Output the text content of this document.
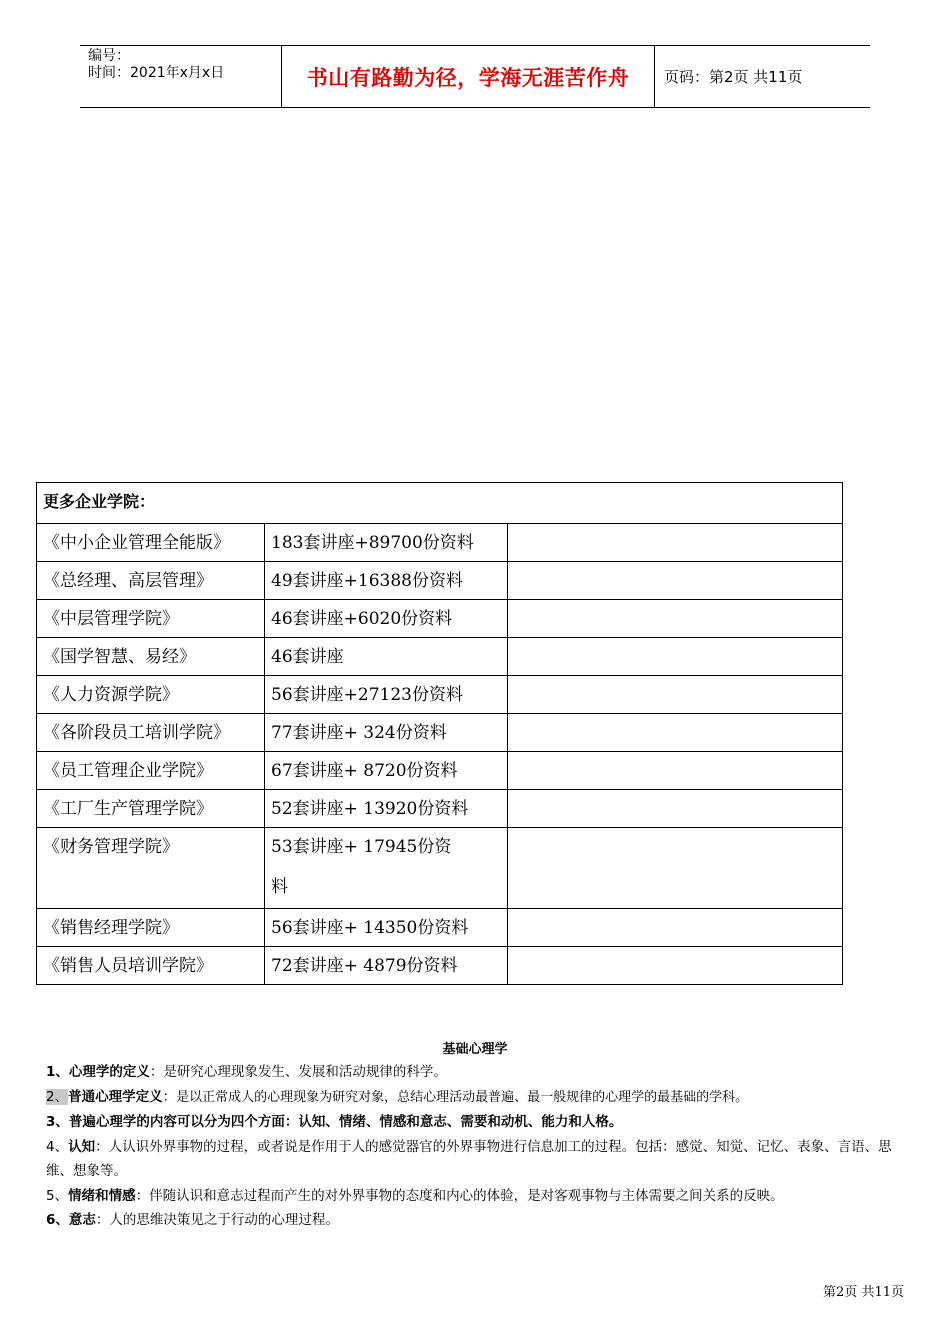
编号：
时间：2021年x月x日	书山有路勤为径，学海无涯苦作舟 页码：第2页 共11页
更多企业学院：		
《中小企业管理全能版》	183套讲座+89700份资料	
《总经理、高层管理》	49套讲座+16388份资料	
《中层管理学院》	46套讲座+6020份资料	
《国学智慧、易经》	46套讲座	
《人力资源学院》	56套讲座+27123份资料	
《各阶段员工培训学院》	77套讲座+ 324份资料	
《员工管理企业学院》	67套讲座+ 8720份资料	
《工厂生产管理学院》	52套讲座+ 13920份资料	
《财务管理学院》	53套讲座+ 17945份资
料	

《销售经理学院》	56套讲座+ 14350份资料	
《销售人员培训学院》	72套讲座+ 4879份资料	
基础心理学

1、心理学的定义：是研究心理现象发生、发展和活动规律的科学。

2、普通心理学定义：是以正常成人的心理现象为研究对象，总结心理活动最普遍、最一般规律的心理学的最基础的学科。

3、普遍心理学的内容可以分为四个方面：认知、情绪、情感和意志、需要和动机、能力和人格。

4、认知：人认识外界事物的过程，或者说是作用于人的感觉器官的外界事物进行信息加工的过程。包括：感觉、知觉、记忆、表象、言语、思维、想象等。

5、情绪和情感：伴随认识和意志过程而产生的对外界事物的态度和内心的体验，是对客观事物与主体需要之间关系的反映。

6、意志：人的思维决策见之于行动的心理过程。

第2页 共11页
